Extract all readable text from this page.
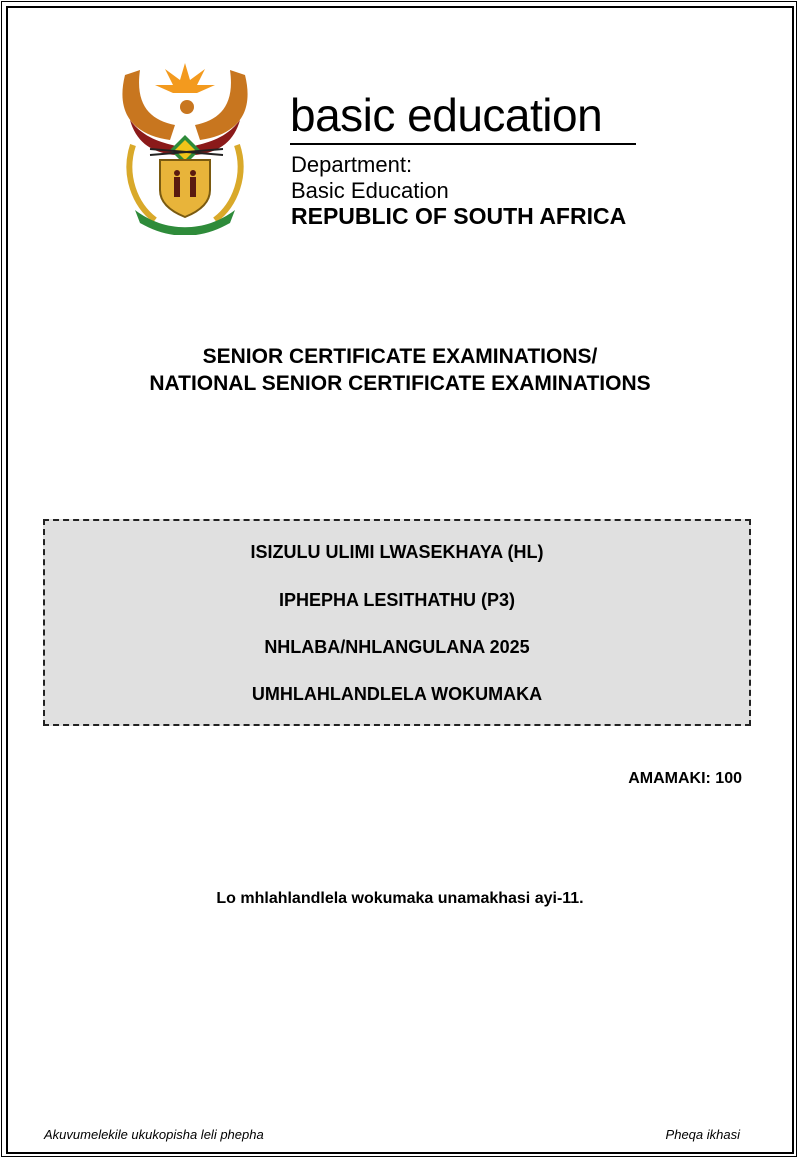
basic education
Department:
Basic Education
REPUBLIC OF SOUTH AFRICA
SENIOR CERTIFICATE EXAMINATIONS/
NATIONAL SENIOR CERTIFICATE EXAMINATIONS
ISIZULU ULIMI LWASEKHAYA (HL)
IPHEPHA LESITHATHU (P3)
NHLABA/NHLANGULANA 2025
UMHLAHLANDLELA WOKUMAKA
AMAMAKI: 100
Lo mhlahlandlela wokumaka unamakhasi ayi-11.
Akuvumelekile ukukopisha leli phepha	Pheqa ikhasi
